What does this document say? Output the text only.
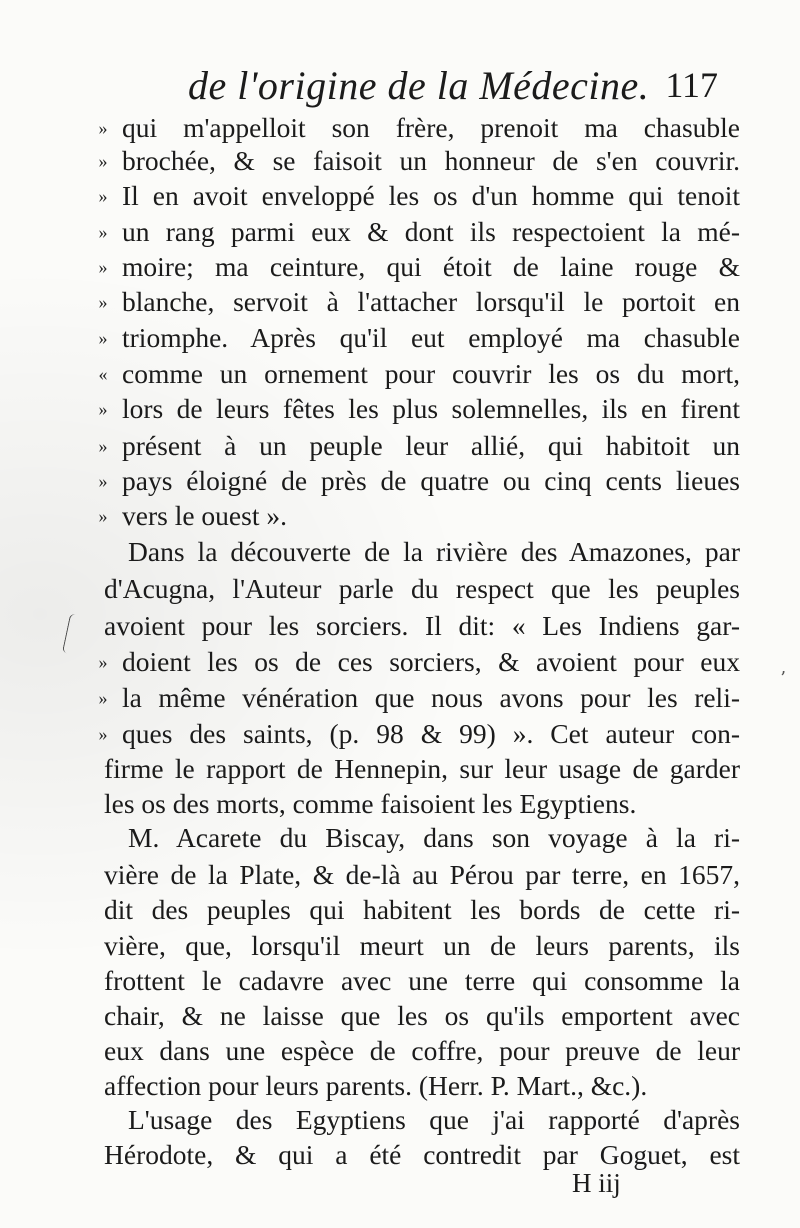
’
de l'origine de la Médecine. 117
» qui m'appelloit son frère, prenoit ma chasuble
» brochée, & se faisoit un honneur de s'en couvrir.
» Il en avoit enveloppé les os d'un homme qui tenoit
» un rang parmi eux & dont ils respectoient la mé-
» moire; ma ceinture, qui étoit de laine rouge &
» blanche, servoit à l'attacher lorsqu'il le portoit en
» triomphe. Après qu'il eut employé ma chasuble
« comme un ornement pour couvrir les os du mort,
» lors de leurs fêtes les plus solemnelles, ils en firent
» présent à un peuple leur allié, qui habitoit un
» pays éloigné de près de quatre ou cinq cents lieues
» vers le ouest ».
Dans la découverte de la rivière des Amazones, par
d'Acugna, l'Auteur parle du respect que les peuples
avoient pour les sorciers. Il dit: « Les Indiens gar-
» doient les os de ces sorciers, & avoient pour eux
» la même vénération que nous avons pour les reli-
» ques des saints, (p. 98 & 99) ». Cet auteur con-
firme le rapport de Hennepin, sur leur usage de garder
les os des morts, comme faisoient les Egyptiens.
M. Acarete du Biscay, dans son voyage à la ri-
vière de la Plate, & de-là au Pérou par terre, en 1657,
dit des peuples qui habitent les bords de cette ri-
vière, que, lorsqu'il meurt un de leurs parents, ils
frottent le cadavre avec une terre qui consomme la
chair, & ne laisse que les os qu'ils emportent avec
eux dans une espèce de coffre, pour preuve de leur
affection pour leurs parents. (Herr. P. Mart., &c.).
L'usage des Egyptiens que j'ai rapporté d'après
Hérodote, & qui a été contredit par Goguet, est
H iij
